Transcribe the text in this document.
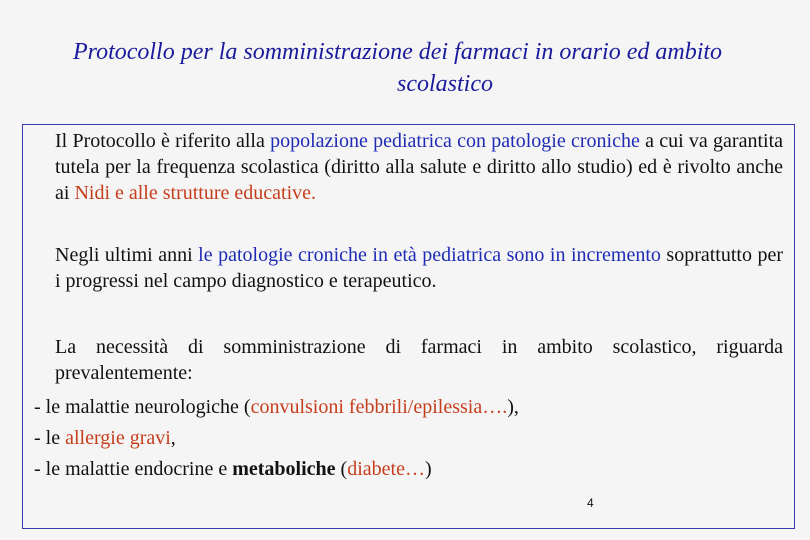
Protocollo per la somministrazione dei farmaci in orario ed ambito
scolastico
Il Protocollo è riferito alla popolazione pediatrica con patologie croniche a cui va garantita tutela per la frequenza scolastica (diritto alla salute e diritto allo studio) ed è rivolto anche ai Nidi e alle strutture educative.
Negli ultimi anni le patologie croniche in età pediatrica sono in incremento soprattutto per i progressi nel campo diagnostico e terapeutico.
La necessità di somministrazione di farmaci in ambito scolastico, riguarda prevalentemente:
- le malattie neurologiche (convulsioni febbrili/epilessia….),
- le allergie gravi,
- le malattie endocrine e metaboliche (diabete…)
4
